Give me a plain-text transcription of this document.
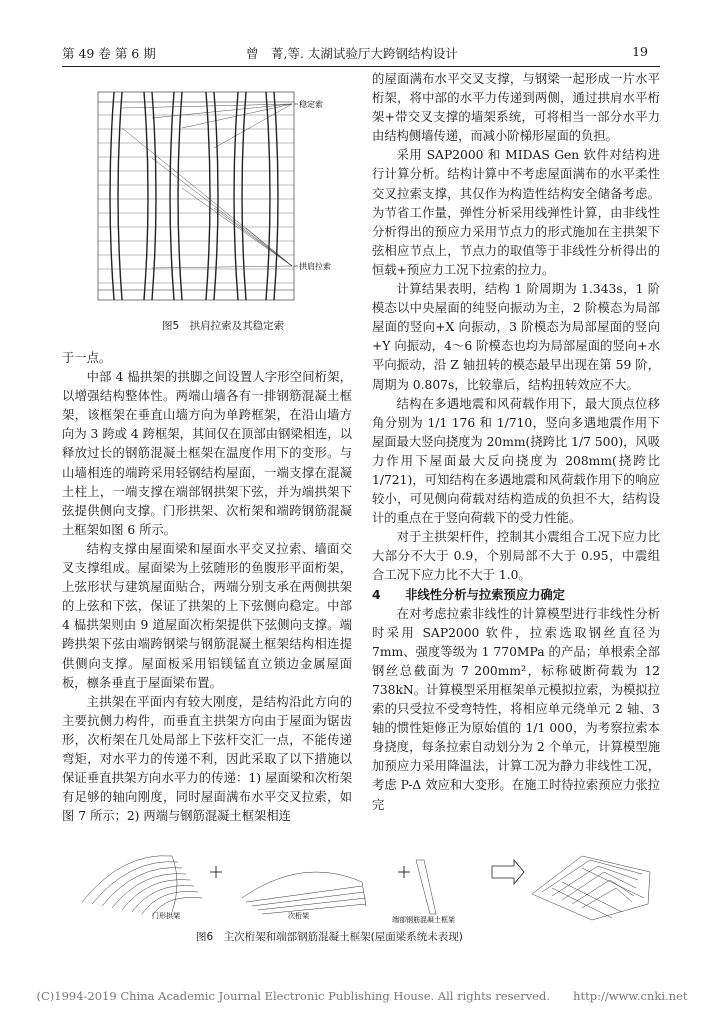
第 49 卷 第 6 期	曾　菁,等. 太湖试验厅大跨钢结构设计	19
稳定索
拱肩拉索
图5　拱肩拉索及其稳定索

于一点。

中部 4 榀拱架的拱脚之间设置人字形空间桁架，以增强结构整体性。两端山墙各有一排钢筋混凝土框架，该框架在垂直山墙方向为单跨框架，在沿山墙方向为 3 跨或 4 跨框架，其间仅在顶部由钢梁相连，以释放过长的钢筋混凝土框架在温度作用下的变形。与山墙相连的端跨采用轻钢结构屋面，一端支撑在混凝土柱上，一端支撑在端部钢拱架下弦，并为端拱架下弦提供侧向支撑。门形拱架、次桁架和端跨钢筋混凝土框架如图 6 所示。

结构支撑由屋面梁和屋面水平交叉拉索、墙面交叉支撑组成。屋面梁为上弦随形的鱼腹形平面桁架，上弦形状与建筑屋面贴合，两端分别支承在两侧拱架的上弦和下弦，保证了拱架的上下弦侧向稳定。中部 4 榀拱架则由 9 道屋面次桁架提供下弦侧向支撑。端跨拱架下弦由端跨钢梁与钢筋混凝土框架结构相连提供侧向支撑。屋面板采用铝镁锰直立锁边金属屋面板，檩条垂直于屋面梁布置。

主拱架在平面内有较大刚度，是结构沿此方向的主要抗侧力构件，而垂直主拱架方向由于屋面为锯齿形，次桁架在几处局部上下弦杆交汇一点，不能传递弯矩，对水平力的传递不利，因此采取了以下措施以保证垂直拱架方向水平力的传递：1) 屋面梁和次桁架有足够的轴向刚度，同时屋面满布水平交叉拉索，如图 7 所示；2) 两端与钢筋混凝土框架相连

的屋面满布水平交叉支撑，与钢梁一起形成一片水平桁架，将中部的水平力传递到两侧，通过拱肩水平桁架+带交叉支撑的墙架系统，可将相当一部分水平力由结构侧墙传递，而减小阶梯形屋面的负担。

采用 SAP2000 和 MIDAS Gen 软件对结构进行计算分析。结构计算中不考虑屋面满布的水平柔性交叉拉索支撑，其仅作为构造性结构安全储备考虑。为节省工作量，弹性分析采用线弹性计算，由非线性分析得出的预应力采用节点力的形式施加在主拱架下弦相应节点上，节点力的取值等于非线性分析得出的恒载+预应力工况下拉索的拉力。

计算结果表明，结构 1 阶周期为 1.343s，1 阶模态以中央屋面的纯竖向振动为主，2 阶模态为局部屋面的竖向+X 向振动，3 阶模态为局部屋面的竖向+Y 向振动，4～6 阶模态也均为局部屋面的竖向+水平向振动，沿 Z 轴扭转的模态最早出现在第 59 阶，周期为 0.807s，比较靠后，结构扭转效应不大。

结构在多遇地震和风荷载作用下，最大顶点位移角分别为 1/1 176 和 1/710，竖向多遇地震作用下屋面最大竖向挠度为 20mm(挠跨比 1/7 500)，风吸力作用下屋面最大反向挠度为 208mm(挠跨比 1/721)，可知结构在多遇地震和风荷载作用下的响应较小，可见侧向荷载对结构造成的负担不大，结构设计的重点在于竖向荷载下的受力性能。

对于主拱架杆件，控制其小震组合工况下应力比大部分不大于 0.9，个别局部不大于 0.95，中震组合工况下应力比不大于 1.0。

4　　非线性分析与拉索预应力确定

在对考虑拉索非线性的计算模型进行非线性分析时采用 SAP2000 软件，拉索选取钢丝直径为 7mm、强度等级为 1 770MPa 的产品；单根索全部钢丝总截面为 7 200mm²，标称破断荷载为 12 738kN。计算模型采用框架单元模拟拉索，为模拟拉索的只受拉不受弯特性，将相应单元绕单元 2 轴、3 轴的惯性矩修正为原始值的 1/1 000，为考察拉索本身挠度，每条拉索自动划分为 2 个单元，计算模型施加预应力采用降温法，计算工况为静力非线性工况，考虑 P-Δ 效应和大变形。在施工时待拉索预应力张拉完

门形拱架	次桁架	端部钢筋混凝土框架
图6　主次桁架和端部钢筋混凝土框架(屋面梁系统未表现)
(C)1994-2019 China Academic Journal Electronic Publishing House. All rights reserved.　　http://www.cnki.net
